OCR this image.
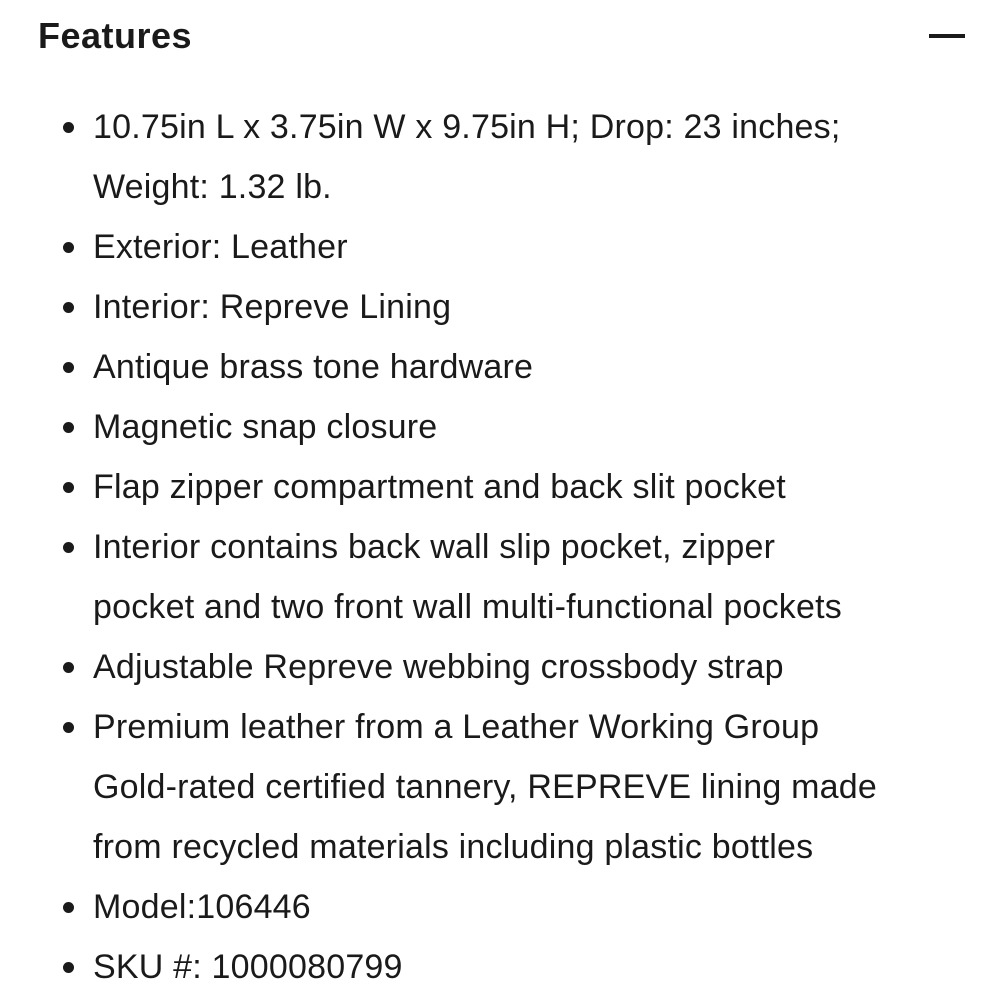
Features
10.75in L x 3.75in W x 9.75in H; Drop: 23 inches;
Weight: 1.32 lb.
Exterior: Leather
Interior: Repreve Lining
Antique brass tone hardware
Magnetic snap closure
Flap zipper compartment and back slit pocket
Interior contains back wall slip pocket, zipper
pocket and two front wall multi-functional pockets
Adjustable Repreve webbing crossbody strap
Premium leather from a Leather Working Group
Gold-rated certified tannery, REPREVE lining made
from recycled materials including plastic bottles
Model:106446
SKU #: 1000080799
